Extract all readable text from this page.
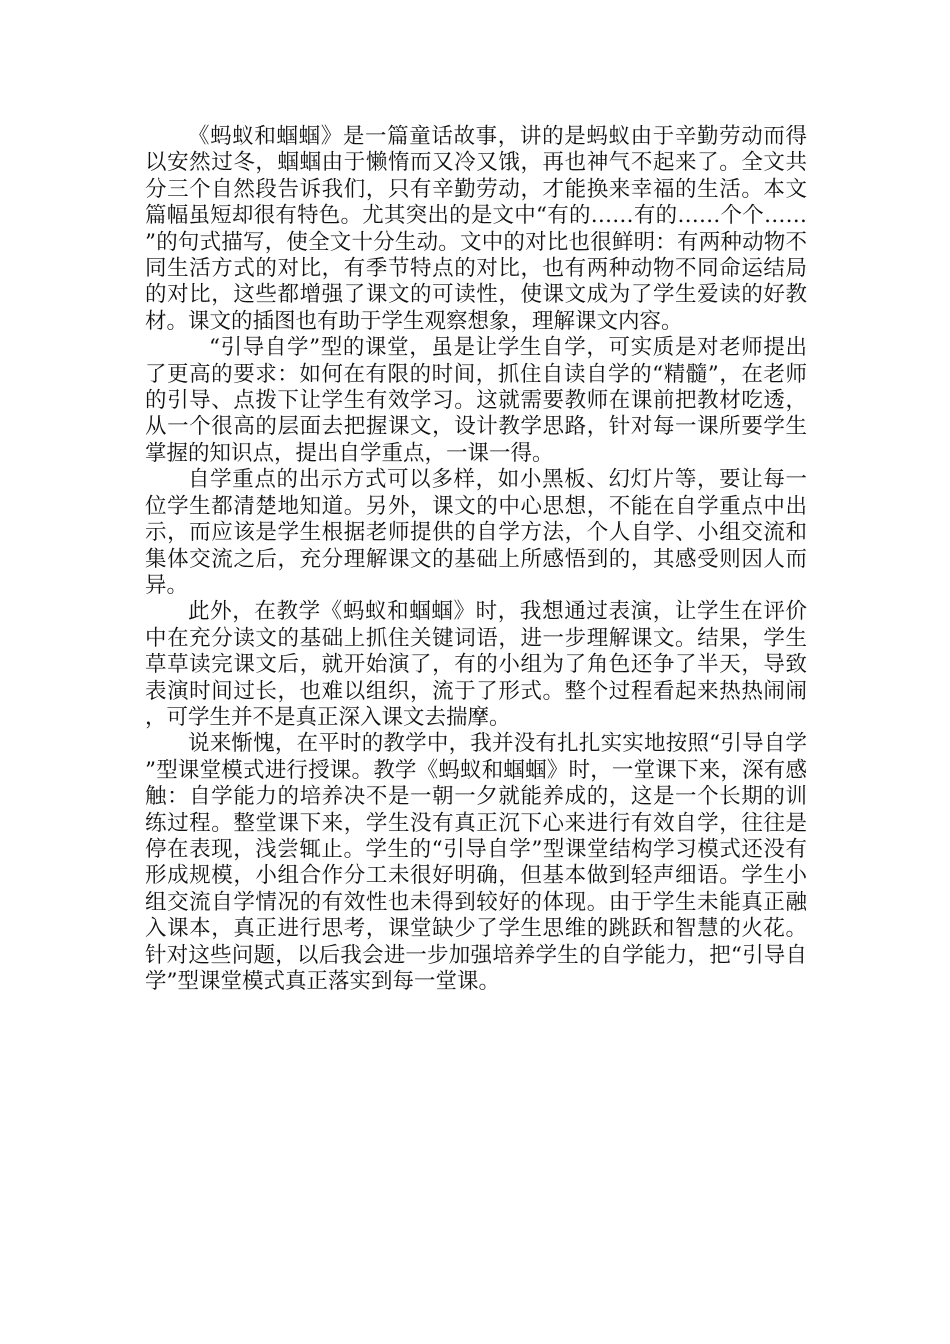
《蚂蚁和蝈蝈》是一篇童话故事，讲的是蚂蚁由于辛勤劳动而得以安然过冬，蝈蝈由于懒惰而又冷又饿，再也神气不起来了。全文共分三个自然段告诉我们，只有辛勤劳动，才能换来幸福的生活。本文篇幅虽短却很有特色。尤其突出的是文中“有的……有的……个个……”的句式描写，使全文十分生动。文中的对比也很鲜明：有两种动物不同生活方式的对比，有季节特点的对比，也有两种动物不同命运结局的对比，这些都增强了课文的可读性，使课文成为了学生爱读的好教材。课文的插图也有助于学生观察想象，理解课文内容。

“引导自学”型的课堂，虽是让学生自学，可实质是对老师提出了更高的要求：如何在有限的时间，抓住自读自学的“精髓”，在老师的引导、点拨下让学生有效学习。这就需要教师在课前把教材吃透，从一个很高的层面去把握课文，设计教学思路，针对每一课所要学生掌握的知识点，提出自学重点，一课一得。

自学重点的出示方式可以多样，如小黑板、幻灯片等，要让每一位学生都清楚地知道。另外，课文的中心思想，不能在自学重点中出示，而应该是学生根据老师提供的自学方法，个人自学、小组交流和集体交流之后，充分理解课文的基础上所感悟到的，其感受则因人而异。

此外，在教学《蚂蚁和蝈蝈》时，我想通过表演，让学生在评价中在充分读文的基础上抓住关键词语，进一步理解课文。结果，学生草草读完课文后，就开始演了，有的小组为了角色还争了半天，导致表演时间过长，也难以组织，流于了形式。整个过程看起来热热闹闹，可学生并不是真正深入课文去揣摩。

说来惭愧，在平时的教学中，我并没有扎扎实实地按照“引导自学”型课堂模式进行授课。教学《蚂蚁和蝈蝈》时，一堂课下来，深有感触：自学能力的培养决不是一朝一夕就能养成的，这是一个长期的训练过程。整堂课下来，学生没有真正沉下心来进行有效自学，往往是停在表现，浅尝辄止。学生的“引导自学”型课堂结构学习模式还没有形成规模，小组合作分工未很好明确，但基本做到轻声细语。学生小组交流自学情况的有效性也未得到较好的体现。由于学生未能真正融入课本，真正进行思考，课堂缺少了学生思维的跳跃和智慧的火花。针对这些问题，以后我会进一步加强培养学生的自学能力，把“引导自学”型课堂模式真正落实到每一堂课。
